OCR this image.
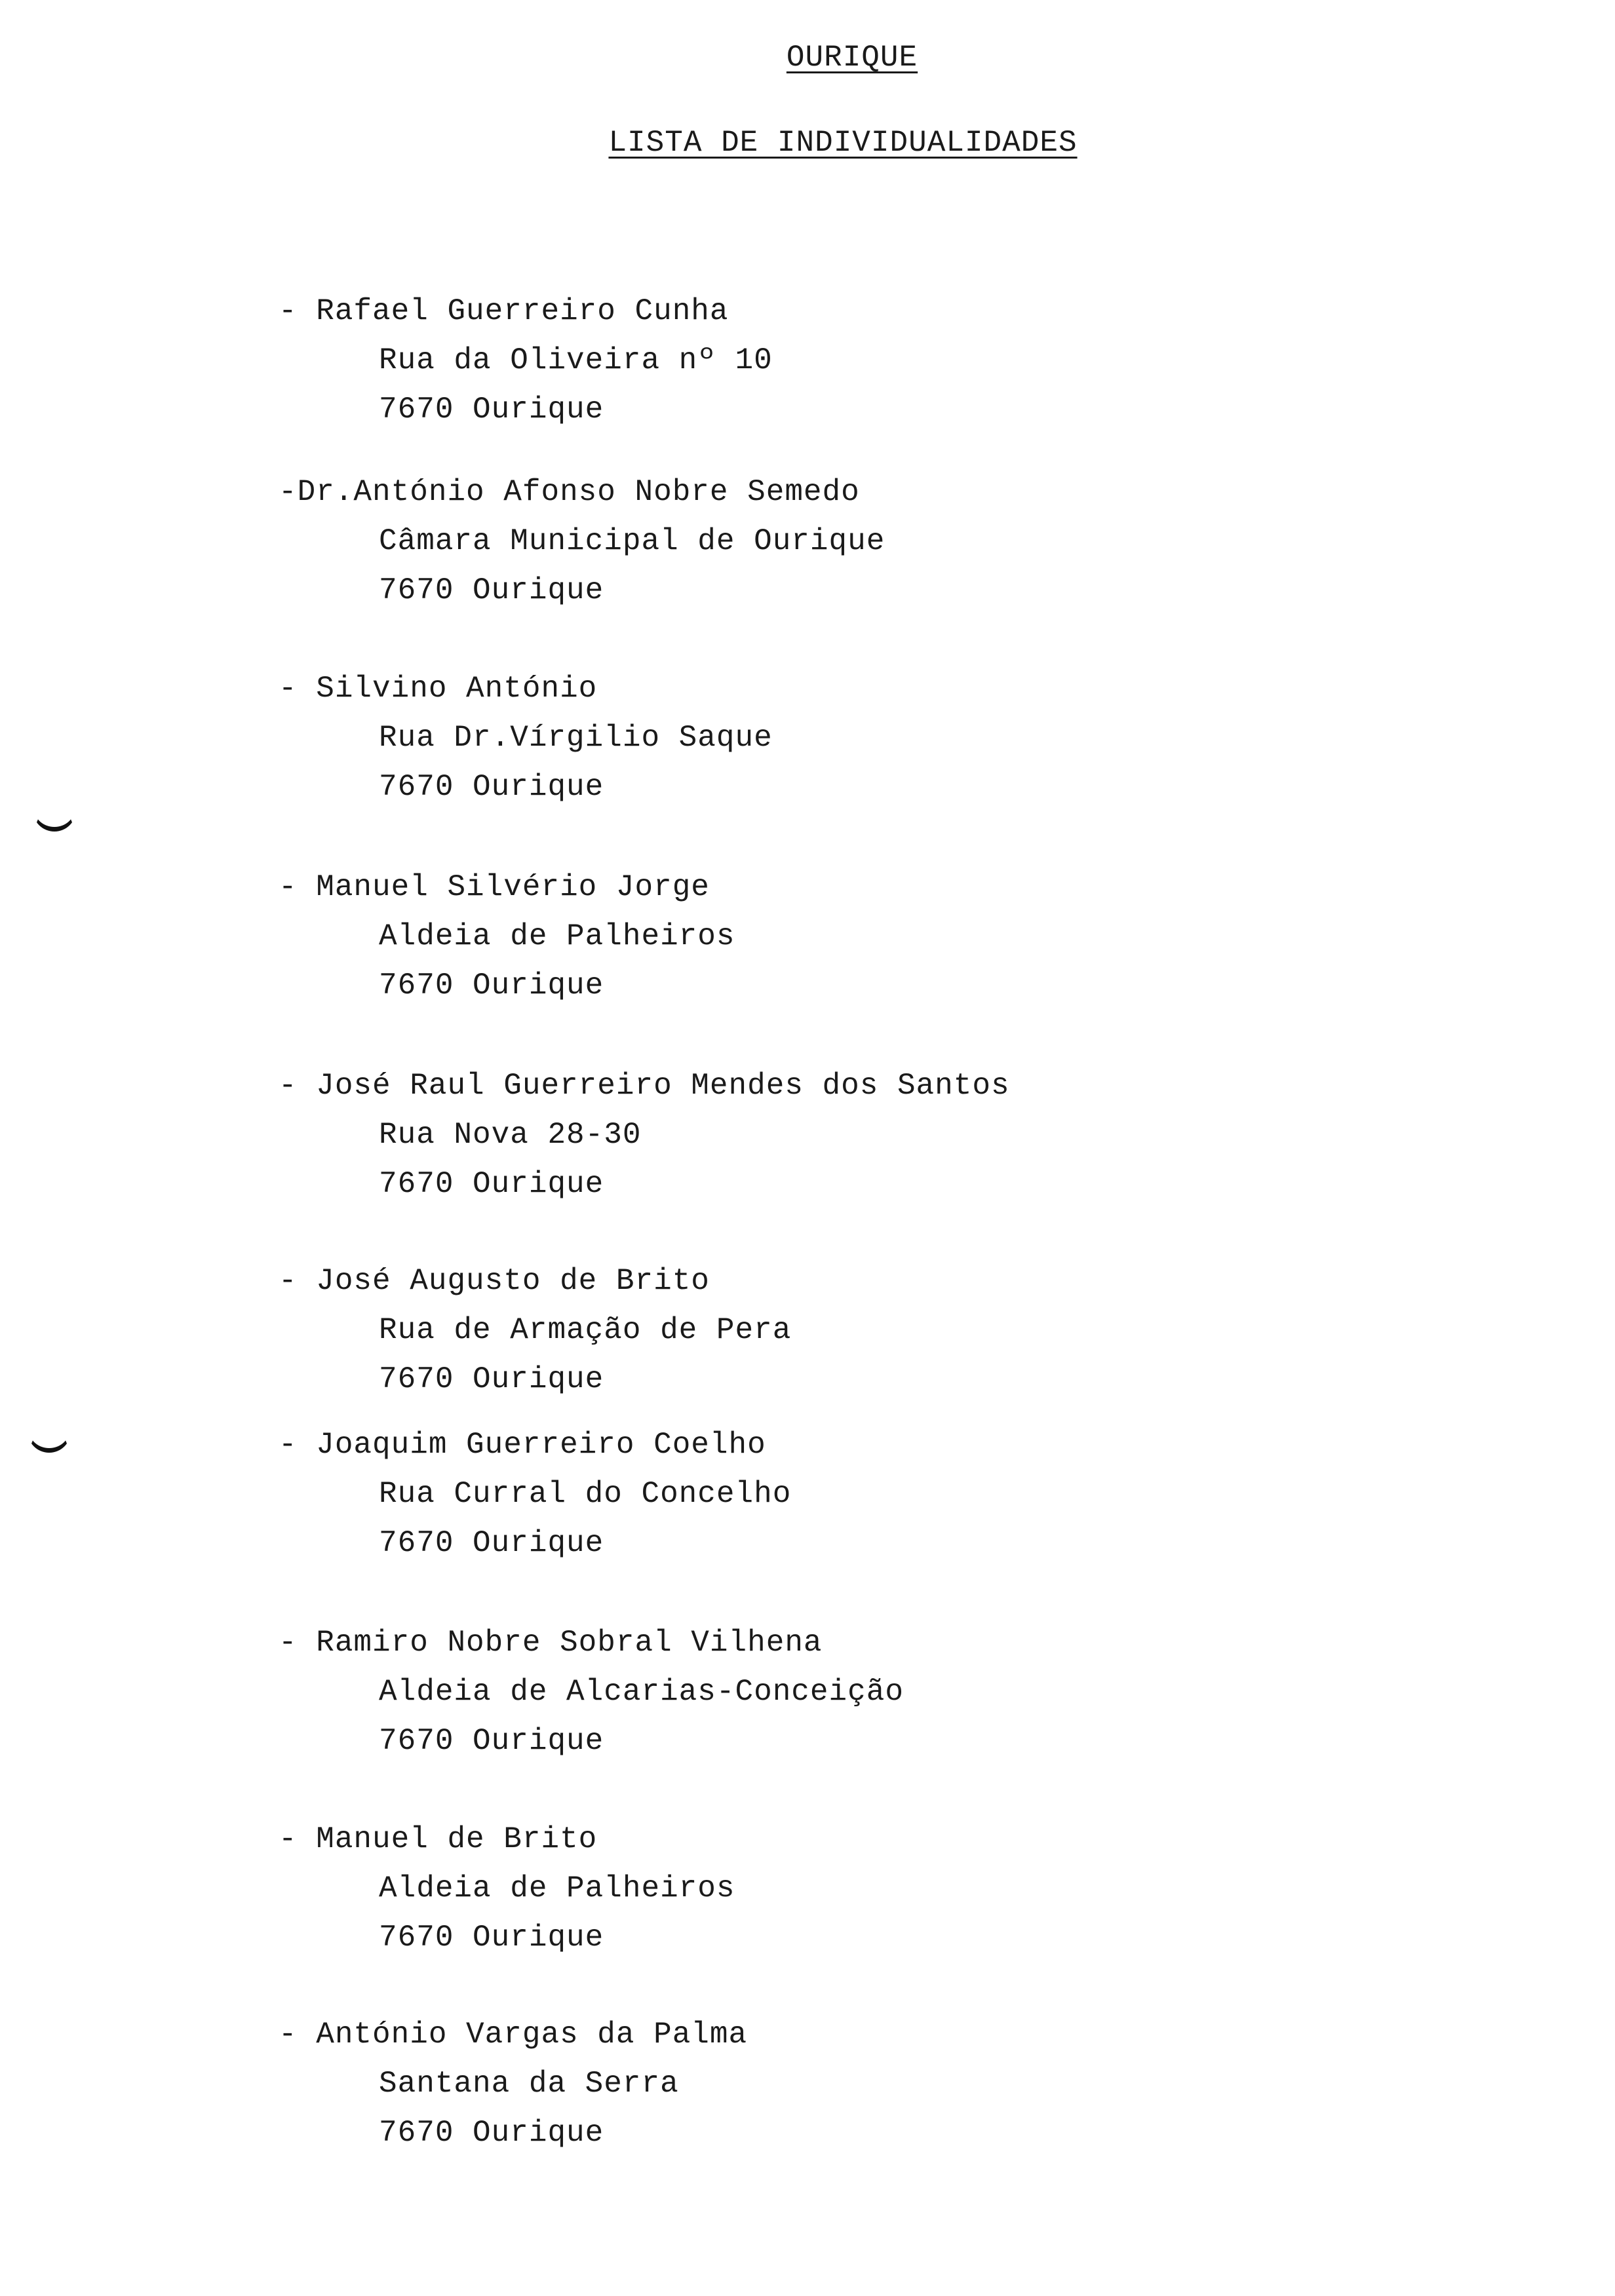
OURIQUE
LISTA DE INDIVIDUALIDADES
- Rafael Guerreiro Cunha
Rua da Oliveira nº 10
7670 Ourique
-Dr.António Afonso Nobre Semedo
Câmara Municipal de Ourique
7670 Ourique
- Silvino António
Rua Dr.Vírgilio Saque
7670 Ourique
- Manuel Silvério Jorge
Aldeia de Palheiros
7670 Ourique
- José Raul Guerreiro Mendes dos Santos
Rua Nova 28-30
7670 Ourique
- José Augusto de Brito
Rua de Armação de Pera
7670 Ourique
- Joaquim Guerreiro Coelho
Rua Curral do Concelho
7670 Ourique
- Ramiro Nobre Sobral Vilhena
Aldeia de Alcarias-Conceição
7670 Ourique
- Manuel de Brito
Aldeia de Palheiros
7670 Ourique
- António Vargas da Palma
Santana da Serra
7670 Ourique
